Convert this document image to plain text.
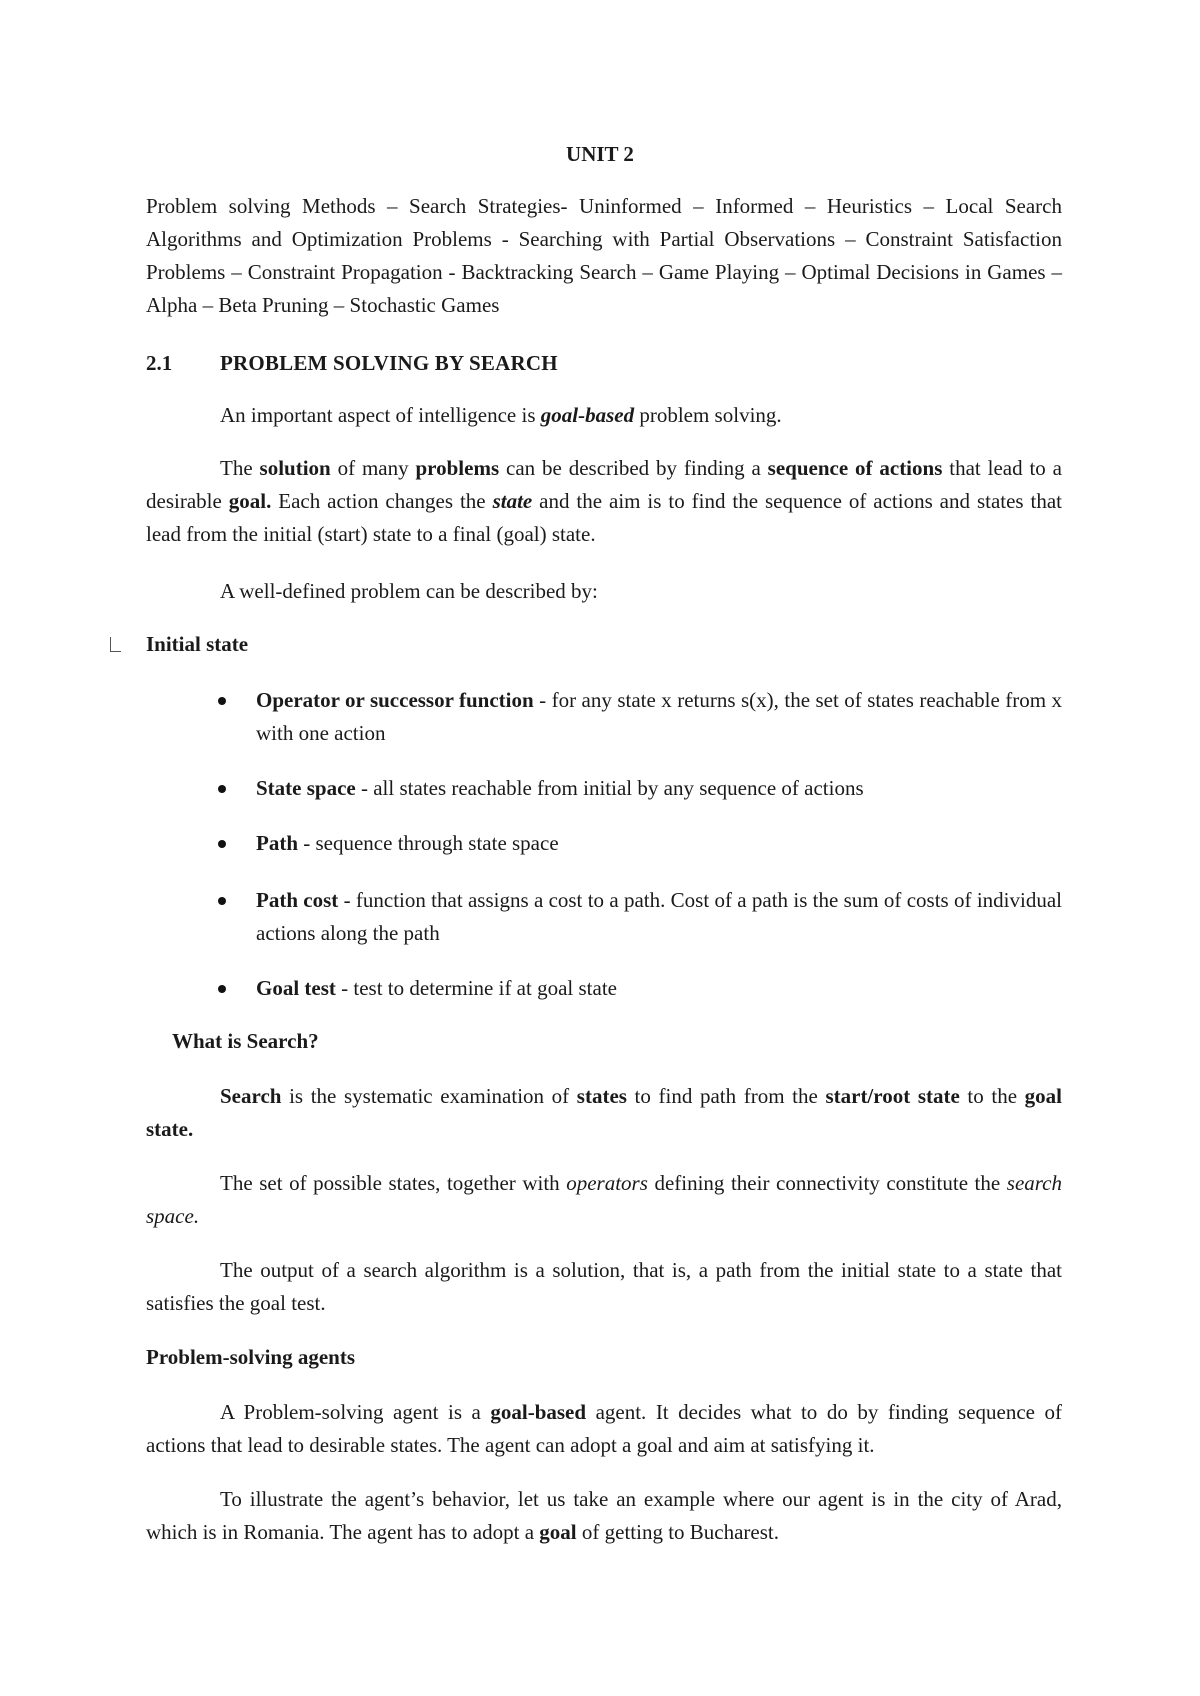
UNIT 2

Problem solving Methods – Search Strategies- Uninformed – Informed – Heuristics – Local Search Algorithms and Optimization Problems - Searching with Partial Observations – Constraint Satisfaction Problems – Constraint Propagation - Backtracking Search – Game Playing – Optimal Decisions in Games – Alpha – Beta Pruning – Stochastic Games

2.1 PROBLEM SOLVING BY SEARCH

An important aspect of intelligence is goal-based problem solving.

The solution of many problems can be described by finding a sequence of actions that lead to a desirable goal. Each action changes the state and the aim is to find the sequence of actions and states that lead from the initial (start) state to a final (goal) state.

A well-defined problem can be described by:

Initial state

Operator or successor function - for any state x returns s(x), the set of states reachable from x with one action

State space - all states reachable from initial by any sequence of actions

Path - sequence through state space

Path cost - function that assigns a cost to a path. Cost of a path is the sum of costs of individual actions along the path

Goal test - test to determine if at goal state

What is Search?

Search is the systematic examination of states to find path from the start/root state to the goal state.

The set of possible states, together with operators defining their connectivity constitute the search space.

The output of a search algorithm is a solution, that is, a path from the initial state to a state that satisfies the goal test.

Problem-solving agents

A Problem-solving agent is a goal-based agent. It decides what to do by finding sequence of actions that lead to desirable states. The agent can adopt a goal and aim at satisfying it.

To illustrate the agent’s behavior, let us take an example where our agent is in the city of Arad, which is in Romania. The agent has to adopt a goal of getting to Bucharest.
